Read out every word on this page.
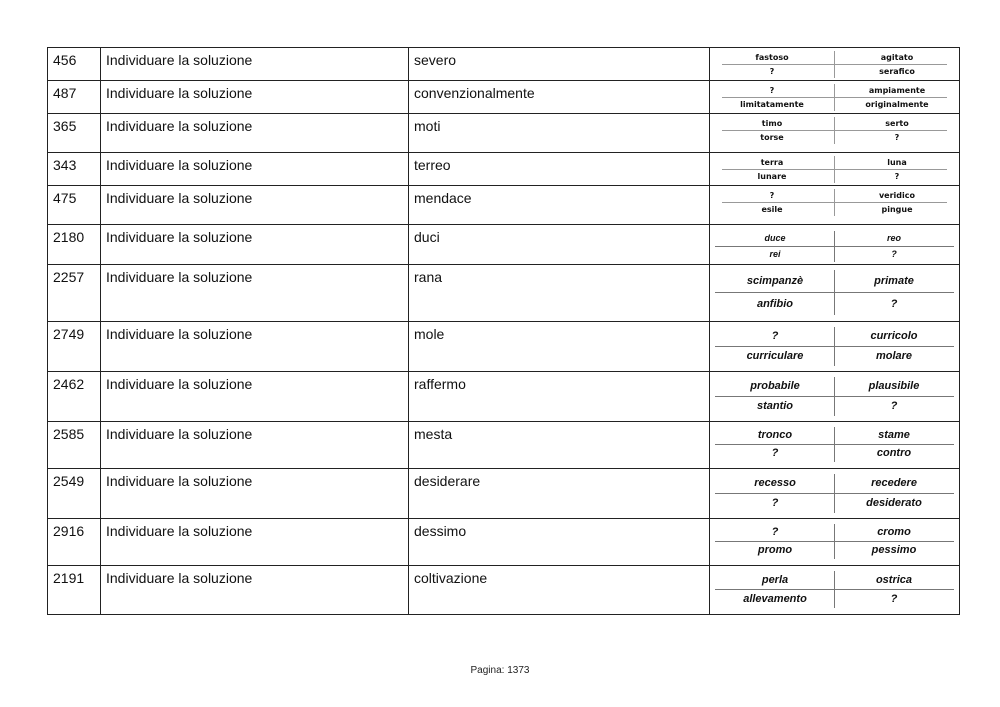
456	Individuare la soluzione	severo	fastoso agitato
? serafico

487	Individuare la soluzione	convenzionalmente	? ampiamente
limitatamente originalmente

365	Individuare la soluzione	moti	timo serto
torse ?

343	Individuare la soluzione	terreo	terra luna
lunare ?

475	Individuare la soluzione	mendace	? veridico
esile pingue

2180	Individuare la soluzione	duci	duce reo
rei ?

2257	Individuare la soluzione	rana	scimpanzè primate
anfibio ?

2749	Individuare la soluzione	mole	? curricolo
curriculare molare

2462	Individuare la soluzione	raffermo	probabile plausibile
stantio ?

2585	Individuare la soluzione	mesta	tronco stame
? contro

2549	Individuare la soluzione	desiderare	recesso recedere
? desiderato

2916	Individuare la soluzione	dessimo	? cromo
promo pessimo

2191	Individuare la soluzione	coltivazione	perla ostrica
allevamento ?
Pagina: 1373
